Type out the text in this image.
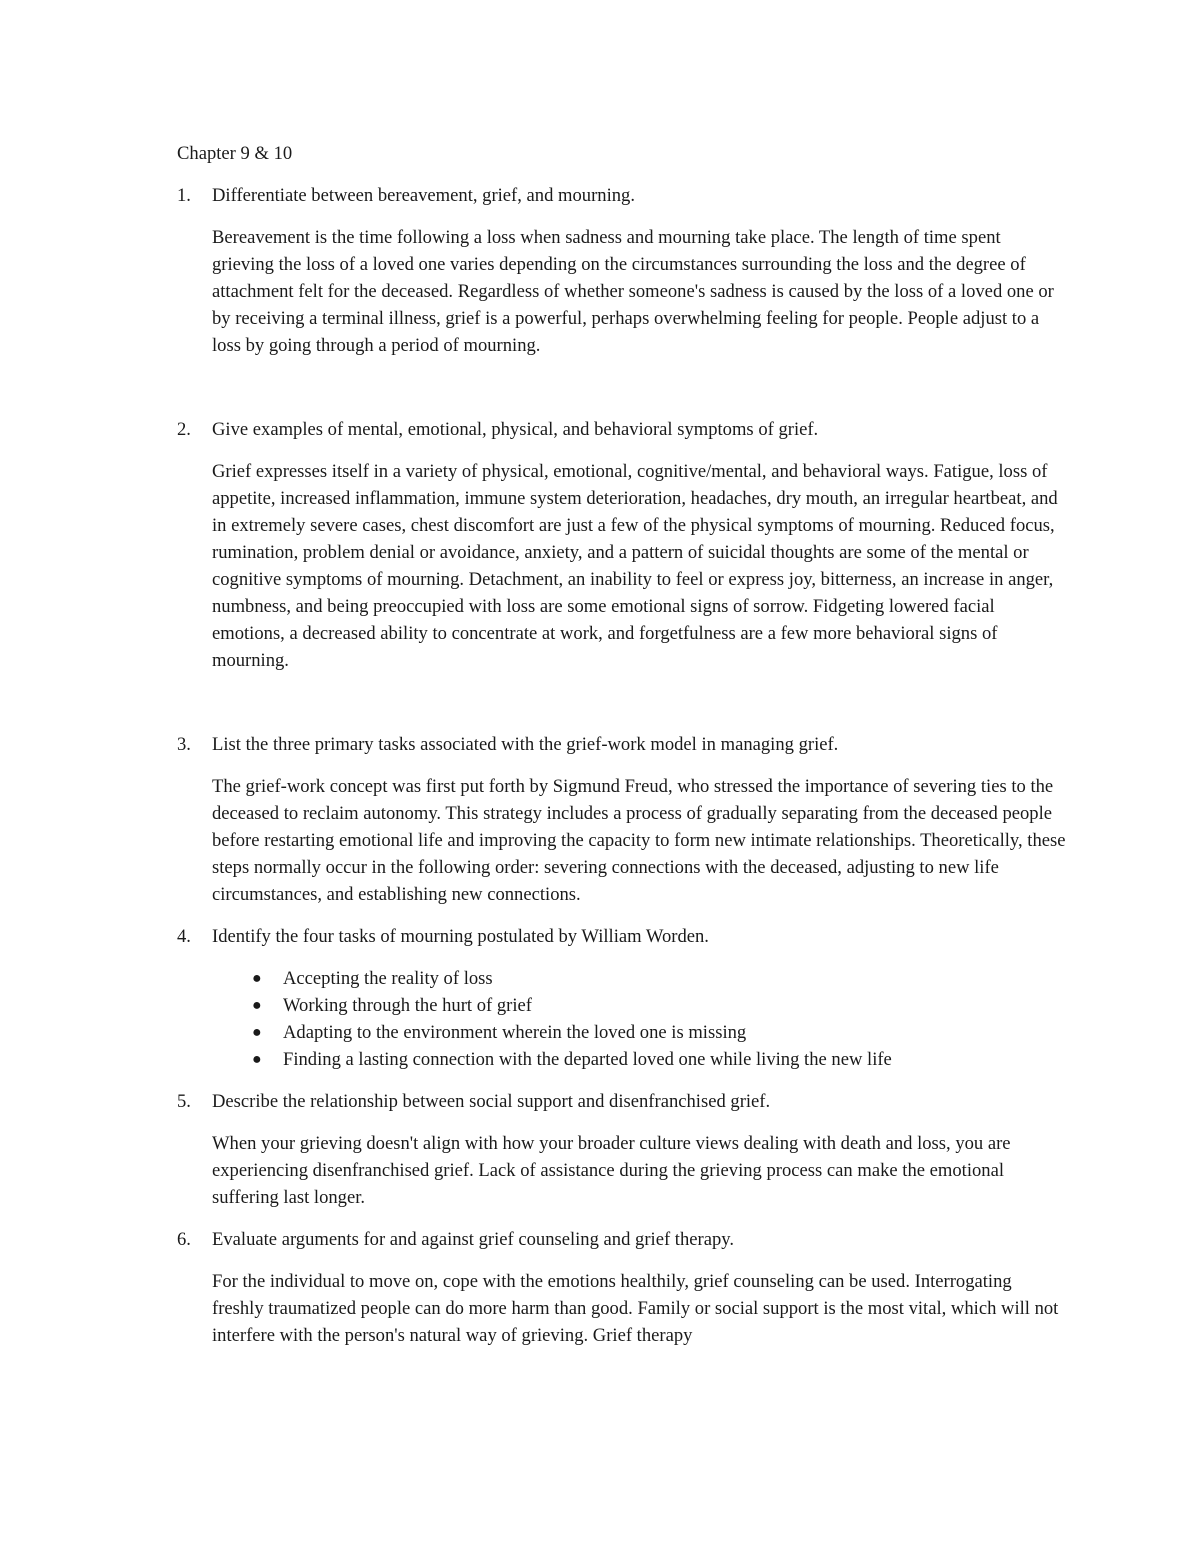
Chapter 9 & 10

1. Differentiate between bereavement, grief, and mourning.

Bereavement is the time following a loss when sadness and mourning take place. The length of time spent grieving the loss of a loved one varies depending on the circumstances surrounding the loss and the degree of attachment felt for the deceased. Regardless of whether someone's sadness is caused by the loss of a loved one or by receiving a terminal illness, grief is a powerful, perhaps overwhelming feeling for people. People adjust to a loss by going through a period of mourning.

2. Give examples of mental, emotional, physical, and behavioral symptoms of grief.

Grief expresses itself in a variety of physical, emotional, cognitive/mental, and behavioral ways. Fatigue, loss of appetite, increased inflammation, immune system deterioration, headaches, dry mouth, an irregular heartbeat, and in extremely severe cases, chest discomfort are just a few of the physical symptoms of mourning. Reduced focus, rumination, problem denial or avoidance, anxiety, and a pattern of suicidal thoughts are some of the mental or cognitive symptoms of mourning. Detachment, an inability to feel or express joy, bitterness, an increase in anger, numbness, and being preoccupied with loss are some emotional signs of sorrow. Fidgeting lowered facial emotions, a decreased ability to concentrate at work, and forgetfulness are a few more behavioral signs of mourning.

3. List the three primary tasks associated with the grief-work model in managing grief.

The grief-work concept was first put forth by Sigmund Freud, who stressed the importance of severing ties to the deceased to reclaim autonomy. This strategy includes a process of gradually separating from the deceased people before restarting emotional life and improving the capacity to form new intimate relationships. Theoretically, these steps normally occur in the following order: severing connections with the deceased, adjusting to new life circumstances, and establishing new connections.

4. Identify the four tasks of mourning postulated by William Worden.

● Accepting the reality of loss
● Working through the hurt of grief
● Adapting to the environment wherein the loved one is missing
● Finding a lasting connection with the departed loved one while living the new life
5. Describe the relationship between social support and disenfranchised grief.

When your grieving doesn't align with how your broader culture views dealing with death and loss, you are experiencing disenfranchised grief. Lack of assistance during the grieving process can make the emotional suffering last longer.

6. Evaluate arguments for and against grief counseling and grief therapy.

For the individual to move on, cope with the emotions healthily, grief counseling can be used. Interrogating freshly traumatized people can do more harm than good. Family or social support is the most vital, which will not interfere with the person's natural way of grieving. Grief therapy
